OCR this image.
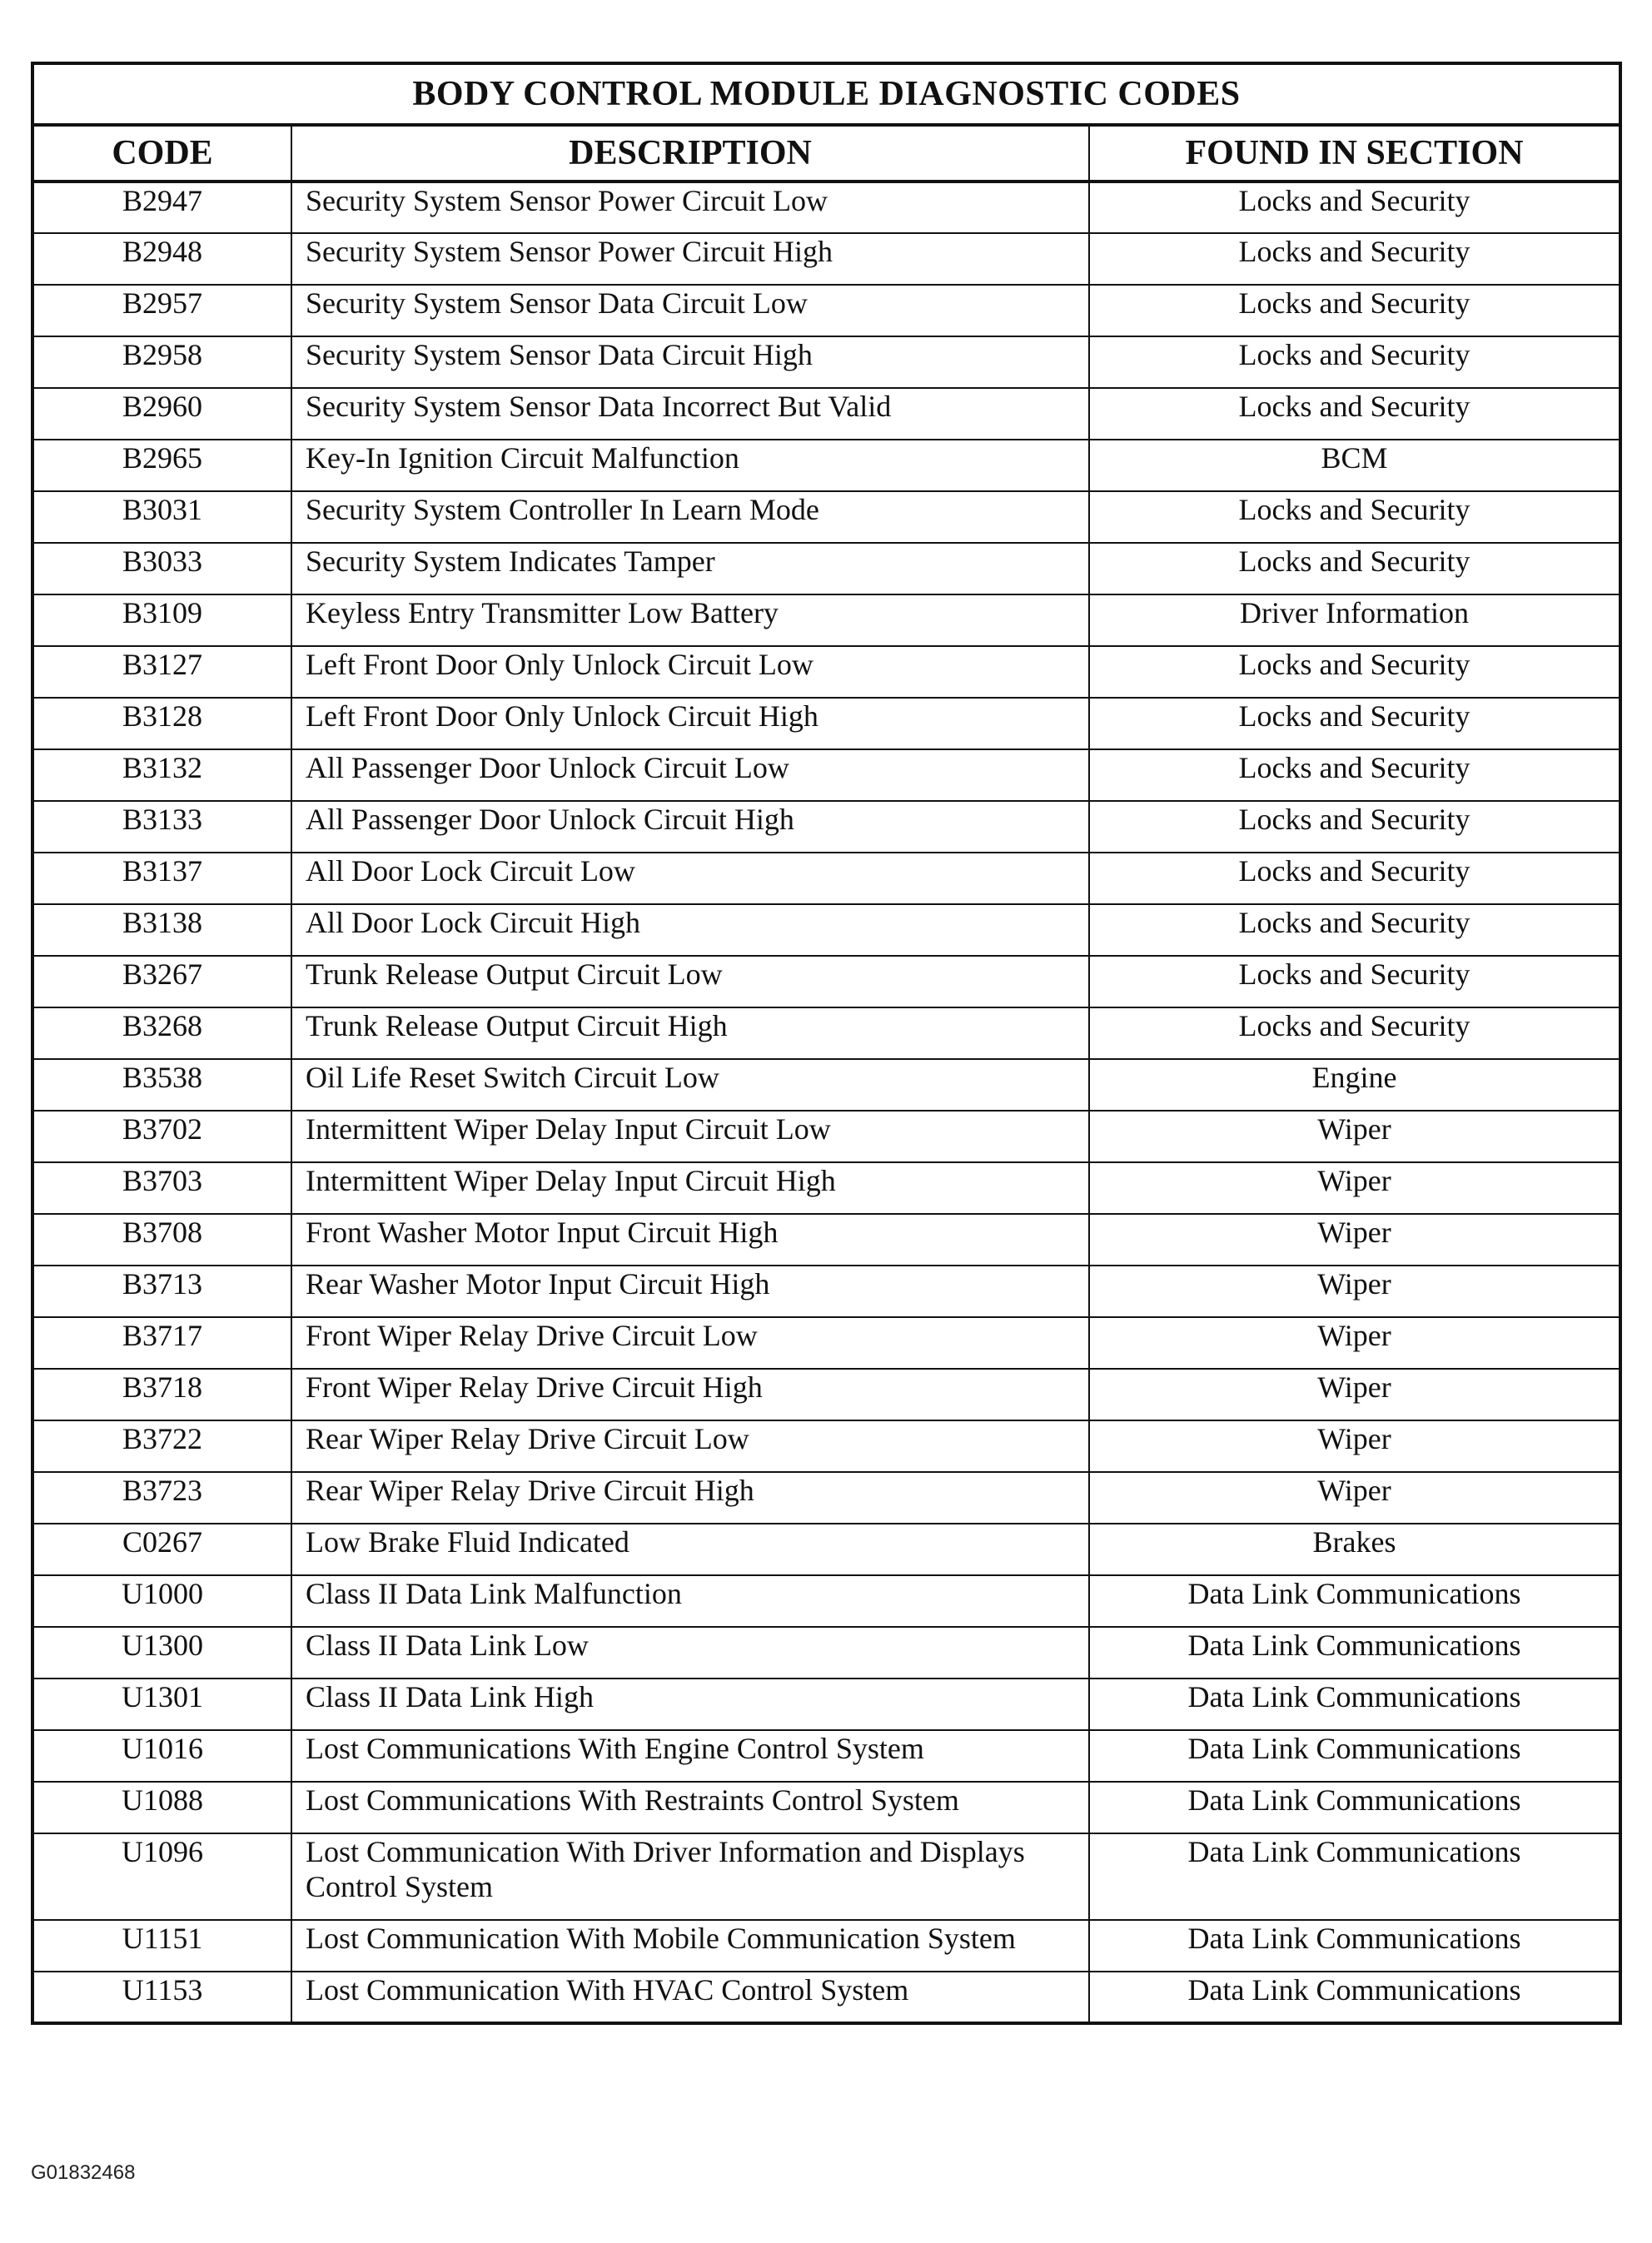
BODY CONTROL MODULE DIAGNOSTIC CODES		
CODE	DESCRIPTION	FOUND IN SECTION
B2947	Security System Sensor Power Circuit Low	Locks and Security
B2948	Security System Sensor Power Circuit High	Locks and Security
B2957	Security System Sensor Data Circuit Low	Locks and Security
B2958	Security System Sensor Data Circuit High	Locks and Security
B2960	Security System Sensor Data Incorrect But Valid	Locks and Security
B2965	Key-In Ignition Circuit Malfunction	BCM
B3031	Security System Controller In Learn Mode	Locks and Security
B3033	Security System Indicates Tamper	Locks and Security
B3109	Keyless Entry Transmitter Low Battery	Driver Information
B3127	Left Front Door Only Unlock Circuit Low	Locks and Security
B3128	Left Front Door Only Unlock Circuit High	Locks and Security
B3132	All Passenger Door Unlock Circuit Low	Locks and Security
B3133	All Passenger Door Unlock Circuit High	Locks and Security
B3137	All Door Lock Circuit Low	Locks and Security
B3138	All Door Lock Circuit High	Locks and Security
B3267	Trunk Release Output Circuit Low	Locks and Security
B3268	Trunk Release Output Circuit High	Locks and Security
B3538	Oil Life Reset Switch Circuit Low	Engine
B3702	Intermittent Wiper Delay Input Circuit Low	Wiper
B3703	Intermittent Wiper Delay Input Circuit High	Wiper
B3708	Front Washer Motor Input Circuit High	Wiper
B3713	Rear Washer Motor Input Circuit High	Wiper
B3717	Front Wiper Relay Drive Circuit Low	Wiper
B3718	Front Wiper Relay Drive Circuit High	Wiper
B3722	Rear Wiper Relay Drive Circuit Low	Wiper
B3723	Rear Wiper Relay Drive Circuit High	Wiper
C0267	Low Brake Fluid Indicated	Brakes
U1000	Class II Data Link Malfunction	Data Link Communications
U1300	Class II Data Link Low	Data Link Communications
U1301	Class II Data Link High	Data Link Communications
U1016	Lost Communications With Engine Control System	Data Link Communications
U1088	Lost Communications With Restraints Control System	Data Link Communications
U1096	Lost Communication With Driver Information and Displays Control System	Data Link Communications
U1151	Lost Communication With Mobile Communication System	Data Link Communications
U1153	Lost Communication With HVAC Control System	Data Link Communications
G01832468
